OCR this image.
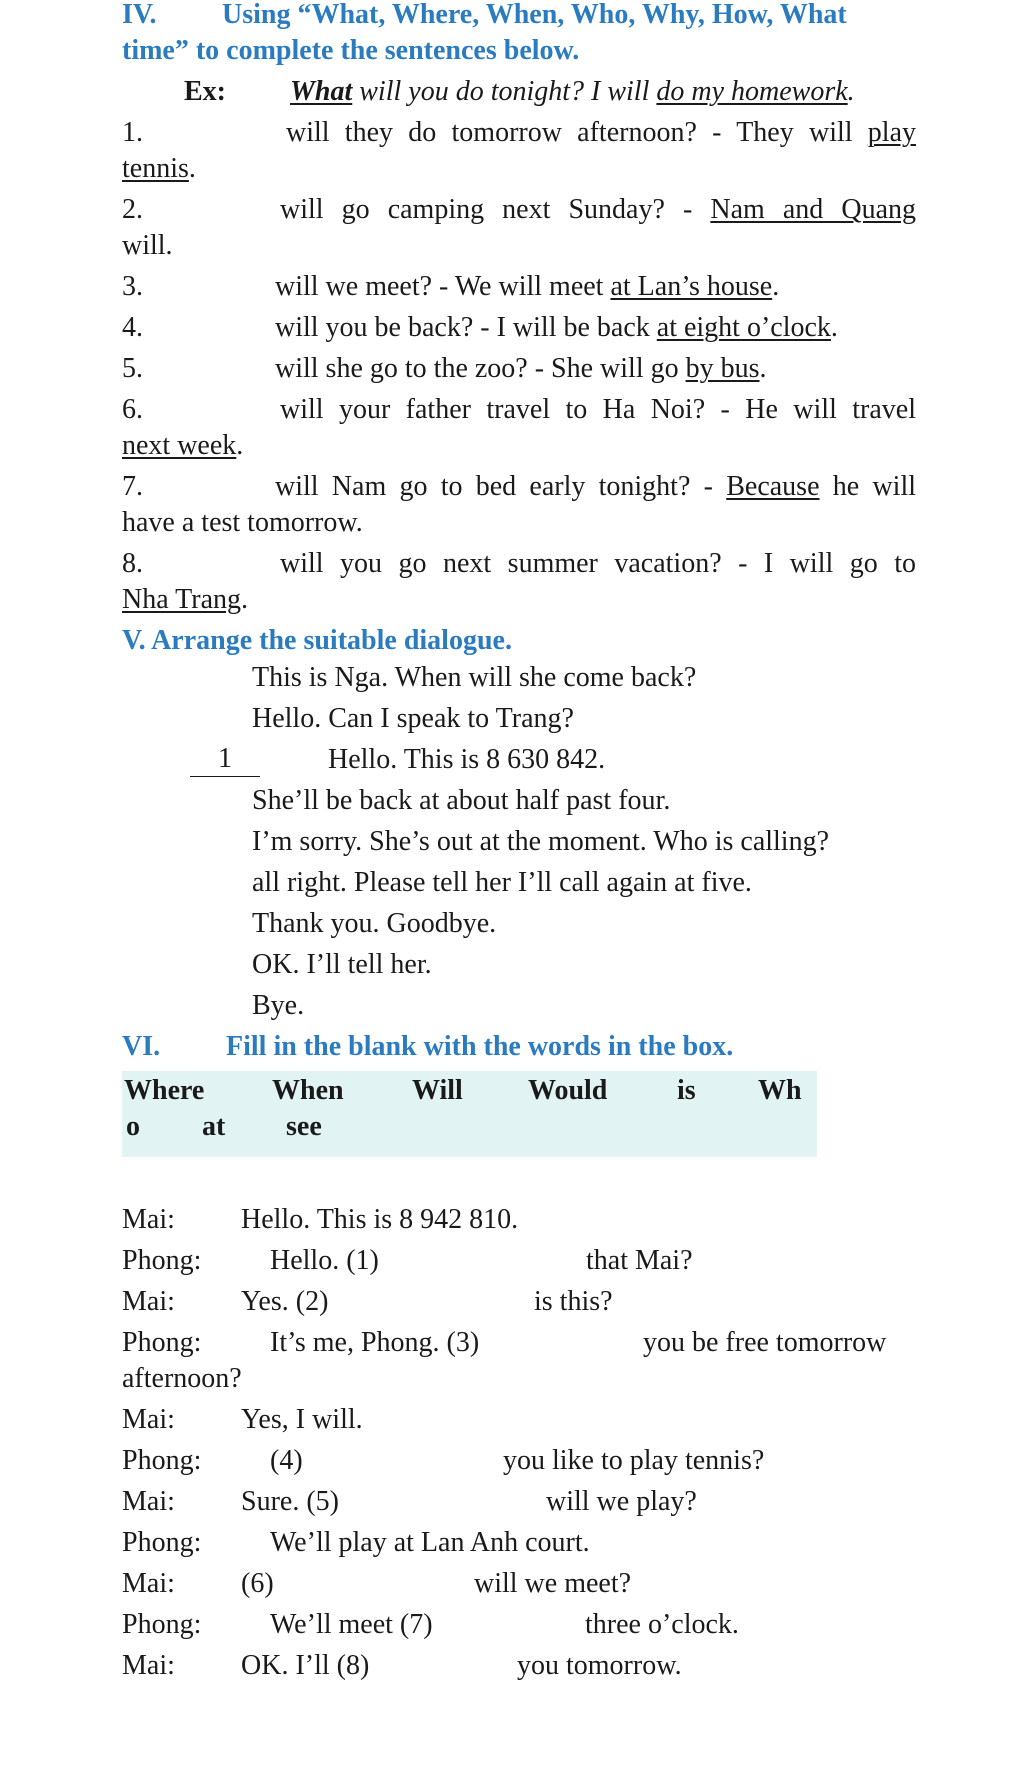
IV. Using “What, Where, When, Who, Why, How, What
time” to complete the sentences below.
Ex: What will you do tonight? I will do my homework.
1.	will they do tomorrow afternoon? - They will play
tennis.
2.	will go camping next Sunday? - Nam and Quang
will.
3.	will we meet? - We will meet at Lan’s house.
4.	will you be back? - I will be back at eight o’clock.
5.	will she go to the zoo? - She will go by bus.
6.	will your father travel to Ha Noi? - He will travel
next week.
7.	will Nam go to bed early tonight? - Because he will
have a test tomorrow.
8.	will you go next summer vacation? - I will go to
Nha Trang.
V. Arrange the suitable dialogue.
This is Nga. When will she come back?
Hello. Can I speak to Trang?
1	Hello. This is 8 630 842.
She’ll be back at about half past four.
I’m sorry. She’s out at the moment. Who is calling?
all right. Please tell her I’ll call again at five.
Thank you. Goodbye.
OK. I’ll tell her.
Bye.
VI. Fill in the blank with the words in the box.
Where When Will Would is Wh
o at see
Mai: Hello. This is 8 942 810.
Phong: Hello. (1)	that Mai?
Mai: Yes. (2)	is this?
Phong: It’s me, Phong. (3)	you be free tomorrow
afternoon?
Mai: Yes, I will.
Phong: (4)	you like to play tennis?
Mai: Sure. (5)	will we play?
Phong: We’ll play at Lan Anh court.
Mai: (6)	will we meet?
Phong: We’ll meet (7)	three o’clock.
Mai: OK. I’ll (8)	you tomorrow.
